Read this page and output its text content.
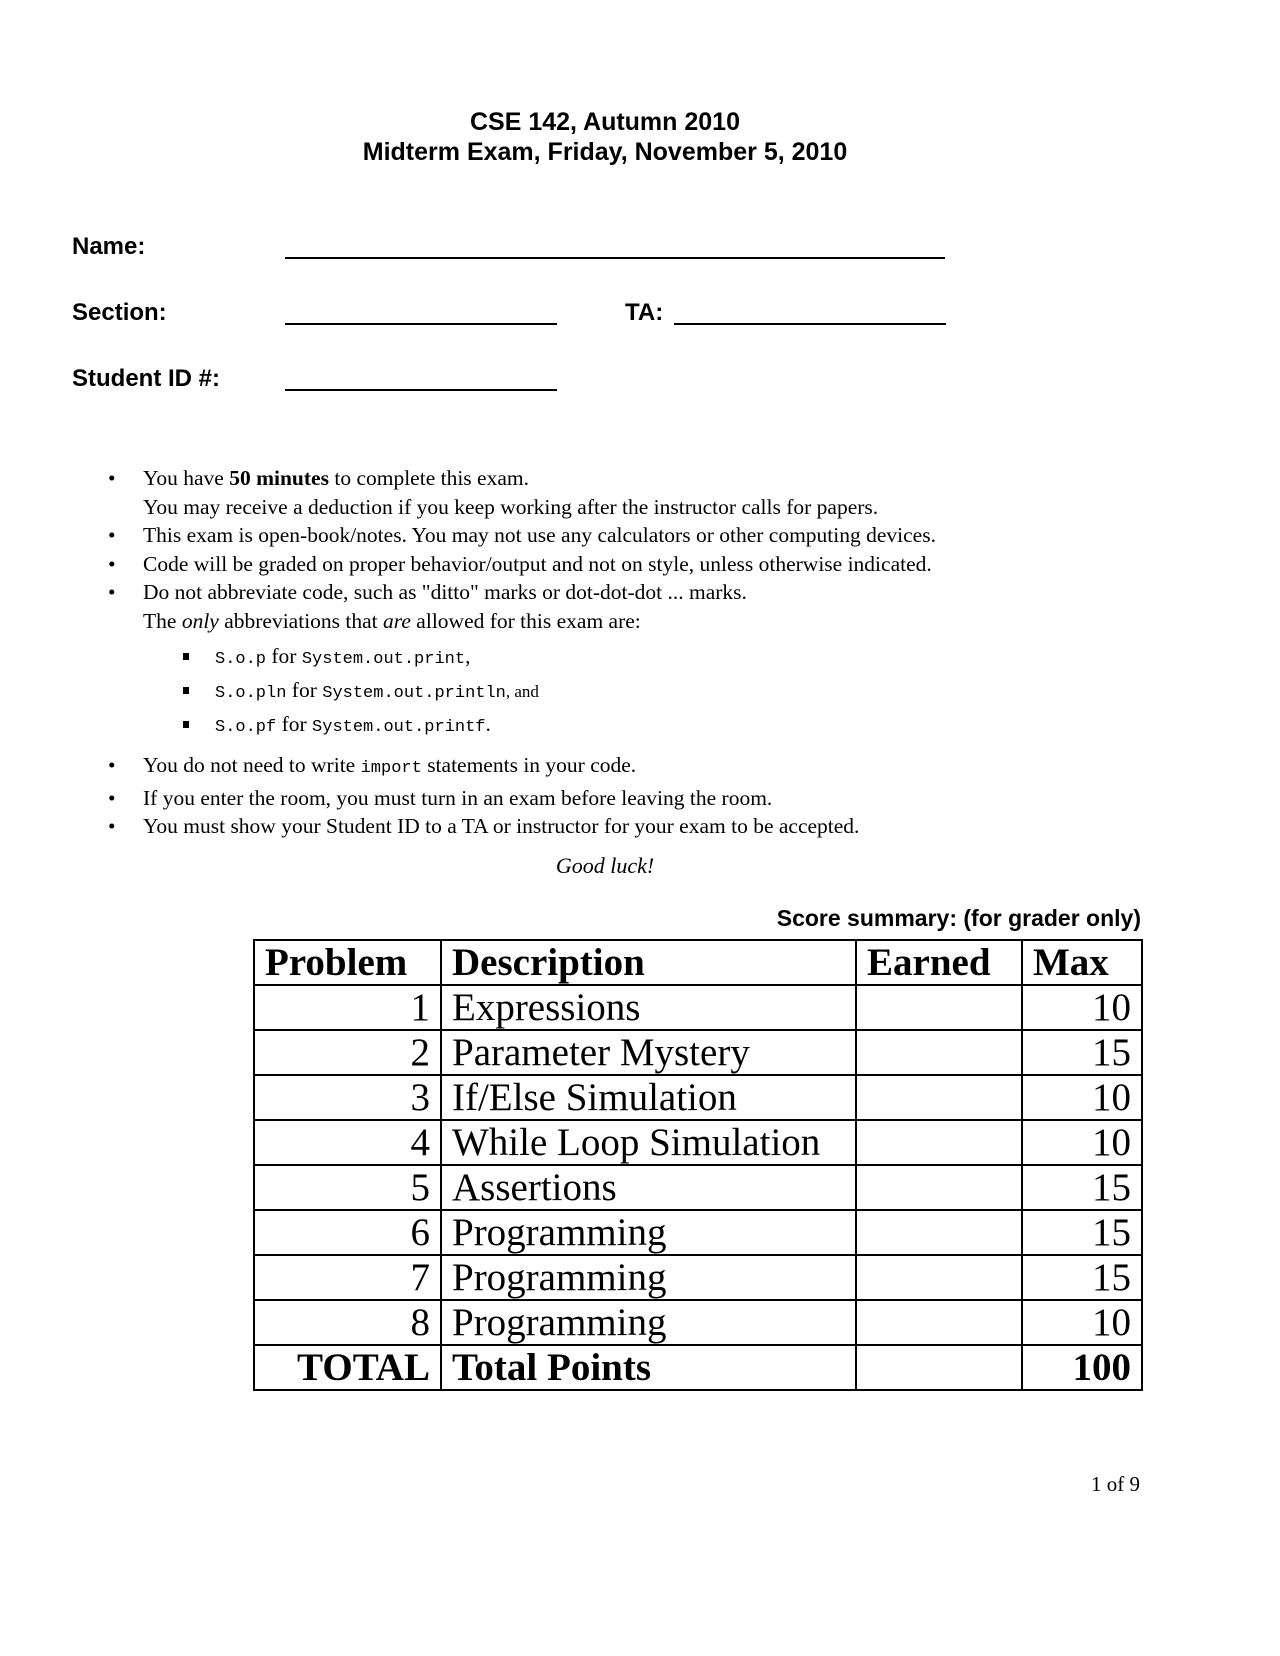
CSE 142, Autumn 2010
Midterm Exam, Friday, November 5, 2010
Name:
Section:	TA:
Student ID #:
• You have 50 minutes to complete this exam.
You may receive a deduction if you keep working after the instructor calls for papers.
• This exam is open-book/notes. You may not use any calculators or other computing devices.
• Code will be graded on proper behavior/output and not on style, unless otherwise indicated.
• Do not abbreviate code, such as "ditto" marks or dot-dot-dot ... marks.
The only abbreviations that are allowed for this exam are:
S.o.p for System.out.print,
S.o.pln for System.out.println, and
S.o.pf for System.out.printf.
• You do not need to write import statements in your code.
• If you enter the room, you must turn in an exam before leaving the room.
• You must show your Student ID to a TA or instructor for your exam to be accepted.
Good luck!
Score summary: (for grader only)
Problem	Description	Earned	Max
1	Expressions		10
2	Parameter Mystery		15
3	If/Else Simulation		10
4	While Loop Simulation		10
5	Assertions		15
6	Programming		15
7	Programming		15
8	Programming		10
TOTAL	Total Points		100
1 of 9
